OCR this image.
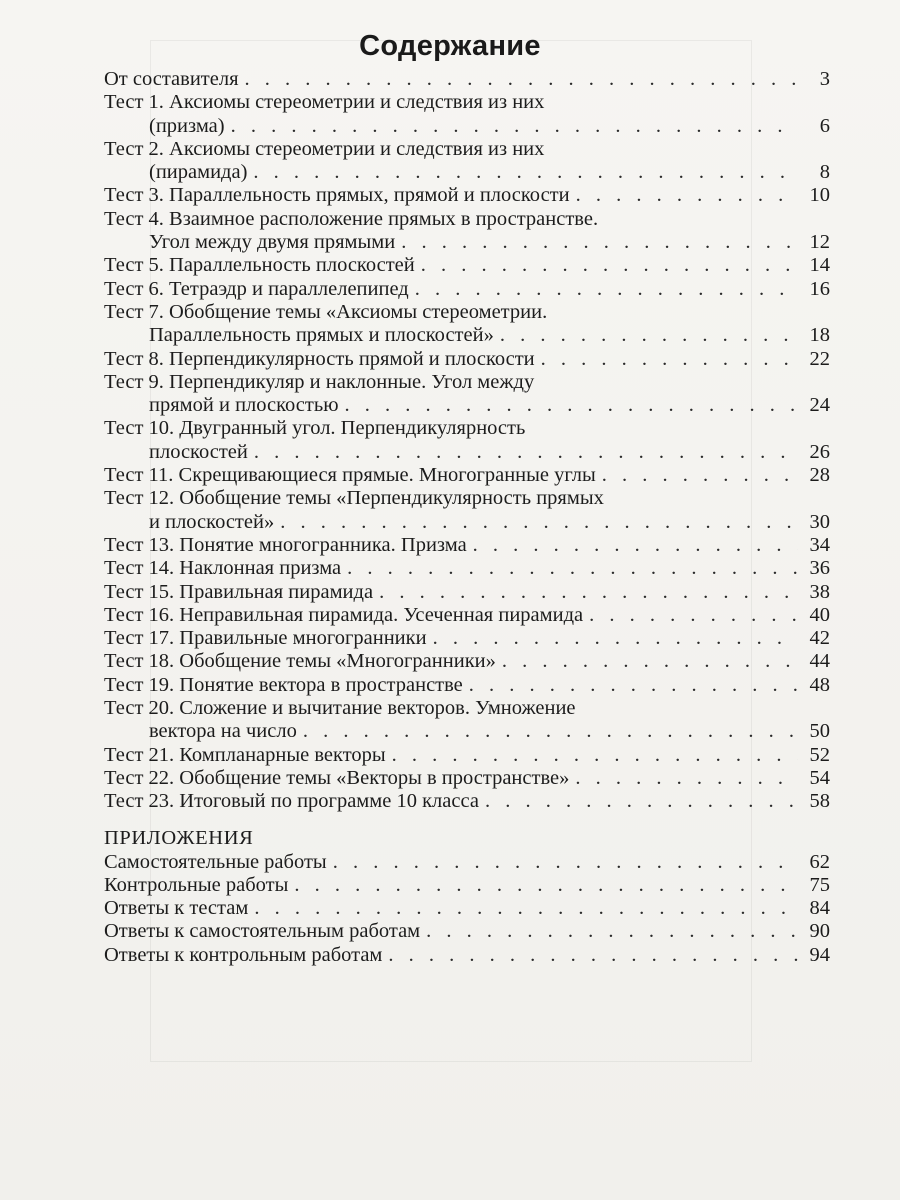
Содержание
От составителя . . .	3
Тест 1. Аксиомы стереометрии и следствия из них
(призма) . . .	6
Тест 2. Аксиомы стереометрии и следствия из них
(пирамида) . . .	8
Тест 3. Параллельность прямых, прямой и плоскости . . .	10
Тест 4. Взаимное расположение прямых в пространстве.
Угол между двумя прямыми . . .	12
Тест 5. Параллельность плоскостей . . .	14
Тест 6. Тетраэдр и параллелепипед . . .	16
Тест 7. Обобщение темы «Аксиомы стереометрии.
Параллельность прямых и плоскостей» . . .	18
Тест 8. Перпендикулярность прямой и плоскости . . .	22
Тест 9. Перпендикуляр и наклонные. Угол между
прямой и плоскостью . . .	24
Тест 10. Двугранный угол. Перпендикулярность
плоскостей . . .	26
Тест 11. Скрещивающиеся прямые. Многогранные углы . . .	28
Тест 12. Обобщение темы «Перпендикулярность прямых
и плоскостей» . . .	30
Тест 13. Понятие многогранника. Призма . . .	34
Тест 14. Наклонная призма . . .	36
Тест 15. Правильная пирамида . . .	38
Тест 16. Неправильная пирамида. Усеченная пирамида . . .	40
Тест 17. Правильные многогранники . . .	42
Тест 18. Обобщение темы «Многогранники» . . .	44
Тест 19. Понятие вектора в пространстве . . .	48
Тест 20. Сложение и вычитание векторов. Умножение
вектора на число . . .	50
Тест 21. Компланарные векторы . . .	52
Тест 22. Обобщение темы «Векторы в пространстве» . . .	54
Тест 23. Итоговый по программе 10 класса . . .	58
ПРИЛОЖЕНИЯ
Самостоятельные работы . . .	62
Контрольные работы . . .	75
Ответы к тестам . . .	84
Ответы к самостоятельным работам . . .	90
Ответы к контрольным работам . . .	94
